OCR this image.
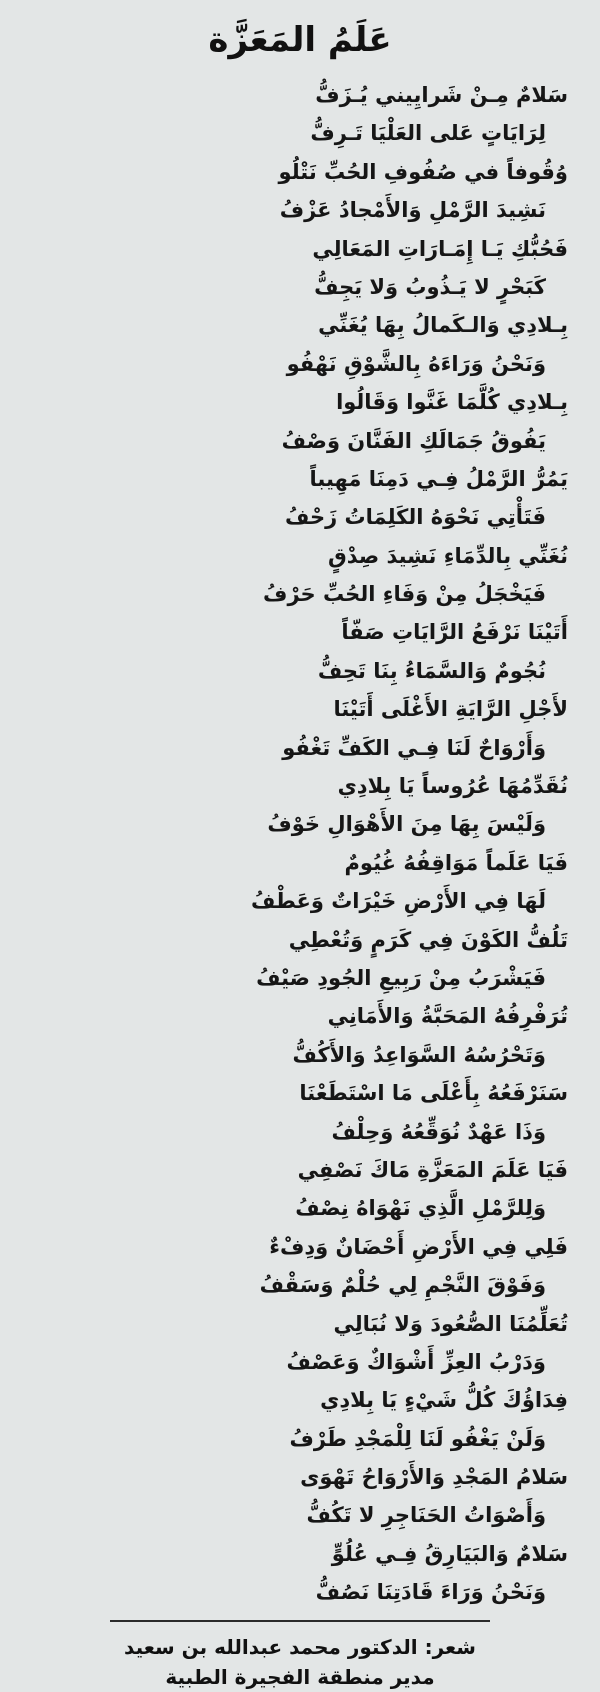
عَلَمُ المَعَزَّة
سَلامٌ مِـنْ شَرايِيني يُـزَفُّ
لِرَايَاتٍ عَلى العَلْيَا تَـرِفُّ
وُقُوفاً في صُفُوفِ الحُبِّ نَتْلُو
نَشِيدَ الرَّمْلِ وَالأَمْجادُ عَزْفُ
فَحُبُّكِ يَـا إِمَـارَاتِ المَعَالِي
كَبَحْرٍ لا يَـذُوبُ وَلا يَجِفُّ
بِـلادِي وَالـكَمالُ بِهَا يُغَنِّي
وَنَحْنُ وَرَاءَهُ بِالشَّوْقِ نَهْفُو
بِـلادِي كُلَّمَا غَنَّوا وَقَالُوا
يَفُوقُ جَمَالَكِ الفَنَّانَ وَصْفُ
يَمُرُّ الرَّمْلُ فِـي دَمِنَا مَهِيباً
فَتَأْتِي نَحْوَهُ الكَلِمَاتُ زَحْفُ
نُغَنِّي بِالدِّمَاءِ نَشِيدَ صِدْقٍ
فَيَخْجَلُ مِنْ وَفَاءِ الحُبِّ حَرْفُ
أَتَيْنَا نَرْفَعُ الرَّايَاتِ صَفّاً
نُجُومٌ وَالسَّمَاءُ بِنَا تَحِفُّ
لأَجْلِ الرَّايَةِ الأَغْلَى أَتَيْنَا
وَأَرْوَاحٌ لَنَا فِـي الكَفِّ تَغْفُو
نُقَدِّمُهَا عُرُوساً يَا بِلادِي
وَلَيْسَ بِهَا مِنَ الأَهْوَالِ خَوْفُ
فَيَا عَلَماً مَوَاقِفُهُ غُيُومٌ
لَهَا فِي الأَرْضِ خَيْرَاتٌ وَعَطْفُ
تَلُفُّ الكَوْنَ فِي كَرَمٍ وَتُعْطِي
فَيَشْرَبُ مِنْ رَبِيعِ الجُودِ صَيْفُ
تُرَفْرِفُهُ المَحَبَّةُ وَالأَمَانِي
وَتَحْرُسُهُ السَّوَاعِدُ وَالأَكُفُّ
سَنَرْفَعُهُ بِأَعْلَى مَا اسْتَطَعْنَا
وَذَا عَهْدٌ نُوَقِّعُهُ وَحِلْفُ
فَيَا عَلَمَ المَعَزَّةِ مَاكَ نَصْفِي
وَلِلرَّمْلِ الَّذِي نَهْوَاهُ نِصْفُ
فَلِي فِي الأَرْضِ أَحْضَانٌ وَدِفْءٌ
وَفَوْقَ النَّجْمِ لِي حُلْمٌ وَسَقْفُ
تُعَلِّمُنَا الصُّعُودَ وَلا نُبَالِي
وَدَرْبُ العِزِّ أَشْوَاكٌ وَعَصْفُ
فِدَاؤُكَ كُلُّ شَيْءٍ يَا بِلادِي
وَلَنْ يَغْفُو لَنَا لِلْمَجْدِ طَرْفُ
سَلامُ المَجْدِ وَالأَرْوَاحُ تَهْوَى
وَأَصْوَاتُ الحَنَاجِرِ لا تَكُفُّ
سَلامٌ وَالبَيَارِقُ فِـي عُلُوٍّ
وَنَحْنُ وَرَاءَ قَادَتِنَا نَصُفُّ
شعر: الدكتور محمد عبدالله بن سعيد
مدير منطقة الفجيرة الطبية
